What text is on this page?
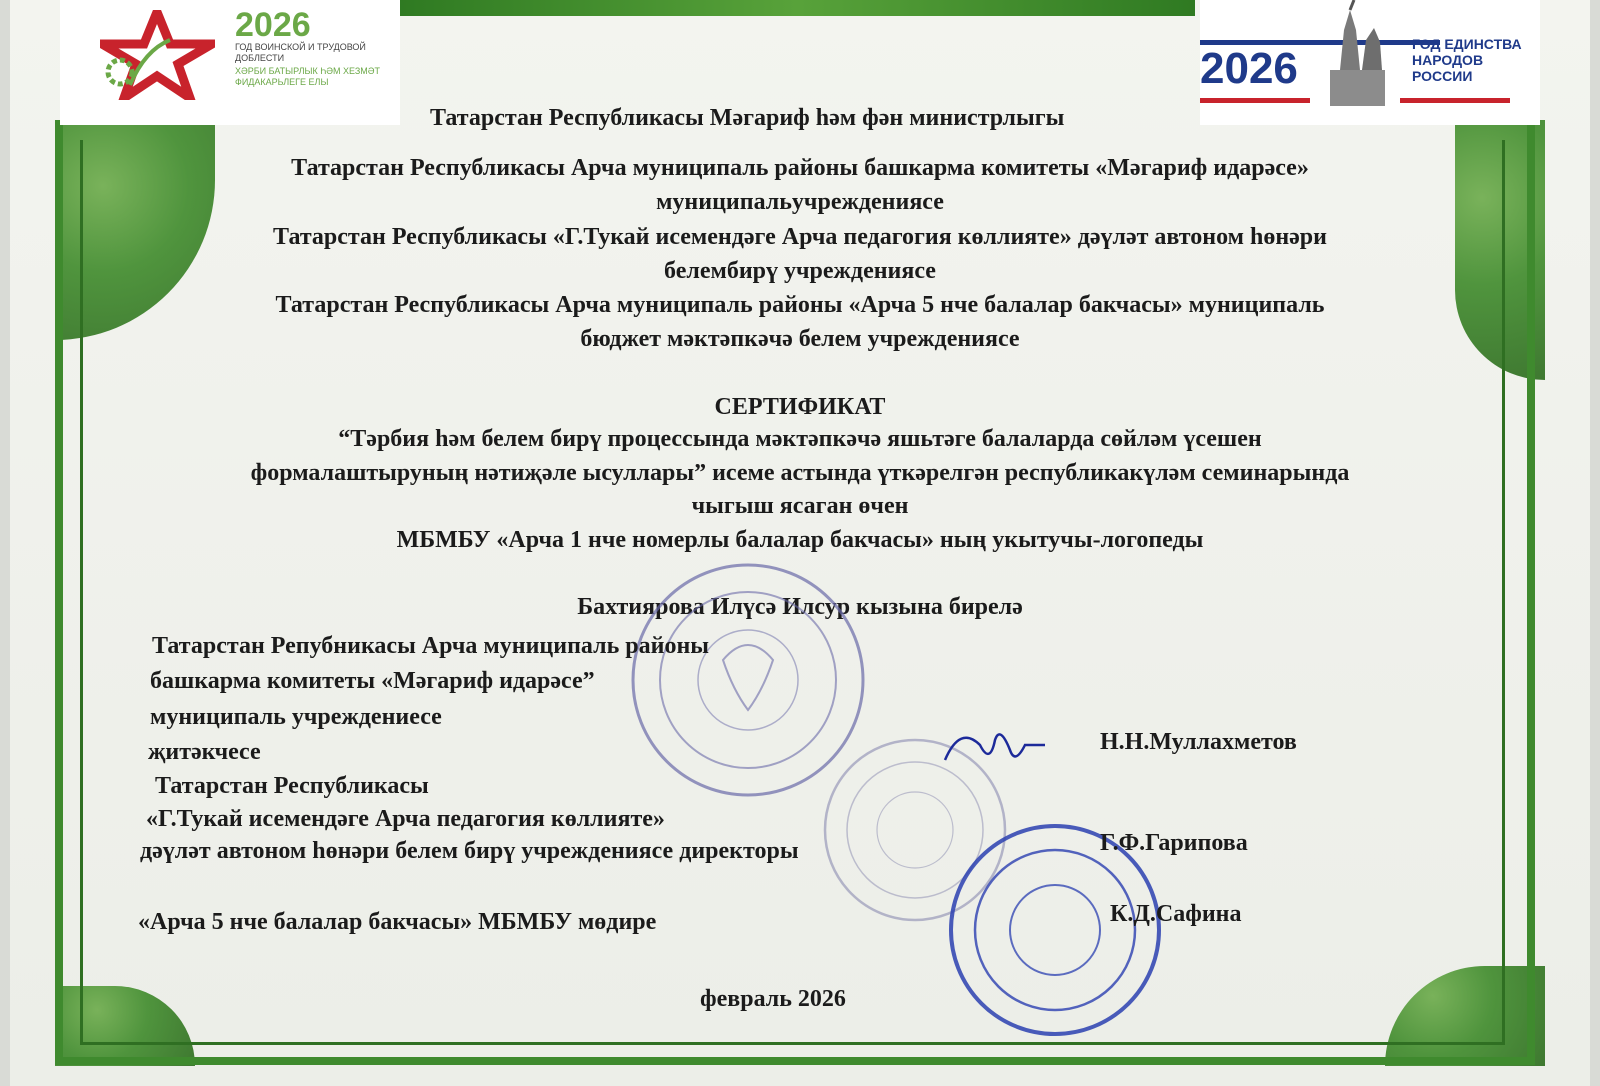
2026
ГОД ВОИНСКОЙ И ТРУДОВОЙ ДОБЛЕСТИ
ХӘРБИ БАТЫРЛЫК ҺӘМ ХЕЗМӘТ ФИДАКАРЬЛЕГЕ ЕЛЫ	2026	ГОД ЕДИНСТВА НАРОДОВ РОССИИ
Татарстан Республикасы Мәгариф һәм фән министрлыгы
Татарстан Республикасы Арча муниципаль районы башкарма комитеты «Мәгариф идарәсе»
муниципальучреждениясе
Татарстан Республикасы «Г.Тукай исемендәге Арча педагогия көллияте» дәүләт автоном һөнәри
белембирү учреждениясе
Татарстан Республикасы Арча муниципаль районы «Арча 5 нче балалар бакчасы» муниципаль
бюджет мәктәпкәчә белем учреждениясе
СЕРТИФИКАТ
“Тәрбия һәм белем бирү процессында мәктәпкәчә яшьтәге балаларда сөйләм үсешен
формалаштыруның нәтиҗәле ысуллары” исеме астында үткәрелгән республикакүләм семинарында
чыгыш ясаган өчен
МБМБУ «Арча 1 нче номерлы балалар бакчасы» ның укытучы-логопеды
Бахтиярова Илүсә Илсур кызына бирелә
Татарстан Репубникасы Арча муниципаль районы
башкарма комитеты «Мәгариф идарәсе”
муниципаль учреждениесе
җитәкчесе	Н.Н.Муллахметов
Татарстан Республикасы
«Г.Тукай исемендәге Арча педагогия көллияте»
дәүләт автоном һөнәри белем бирү учреждениясе директоры	Г.Ф.Гарипова
«Арча 5 нче балалар бакчасы» МБМБУ мөдире	К.Д.Сафина
февраль 2026
